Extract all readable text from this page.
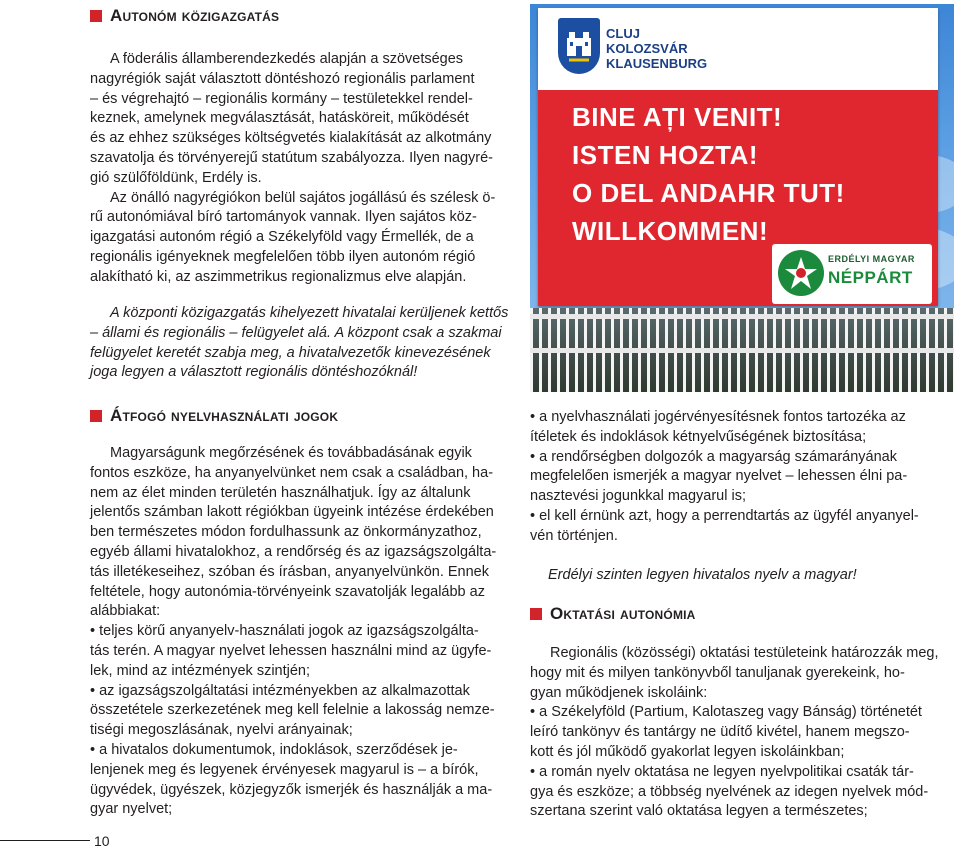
Autonóm közigazgatás

A föderális államberendezkedés alapján a szövetséges

nagyrégiók saját választott döntéshozó regionális parlament

– és végrehajtó – regionális kormány – testületekkel rendel-

keznek, amelynek megválasztását, hatásköreit, működését

és az ehhez szükséges költségvetés kialakítását az alkotmány

szavatolja és törvényerejű statútum szabályozza. Ilyen nagyré-

gió szülőföldünk, Erdély is.

Az önálló nagyrégiókon belül sajátos jogállású és szélesk ö-

rű autonómiával bíró tartományok vannak. Ilyen sajátos köz-

igazgatási autonóm régió a Székelyföld vagy Érmellék, de a

regionális igényeknek megfelelően több ilyen autonóm régió

alakítható ki, az aszimmetrikus regionalizmus elve alapján.

A központi közigazgatás kihelyezett hivatalai kerüljenek kettős

– állami és regionális – felügyelet alá. A központ csak a szakmai

felügyelet keretét szabja meg, a hivatalvezetők kinevezésének

joga legyen a választott regionális döntéshozóknál!

CLUJ
KOLOZSVÁR
KLAUSENBURG
BINE AȚI VENIT!
ISTEN HOZTA!
O DEL ANDAHR TUT!
WILLKOMMEN!
ERDÉLYI MAGYAR
NÉPPÁRT
Átfogó nyelvhasználati jogok

Magyarságunk megőrzésének és továbbadásának egyik

fontos eszköze, ha anyanyelvünket nem csak a családban, ha-

nem az élet minden területén használhatjuk. Így az általunk

jelentős számban lakott régiókban ügyeink intézése érdekében

ben természetes módon fordulhassunk az önkormányzathoz,

egyéb állami hivatalokhoz, a rendőrség és az igazságszolgálta-

tás illetékeseihez, szóban és írásban, anyanyelvünkön. Ennek

feltétele, hogy autonómia-törvényeink szavatolják legalább az

alábbiakat:

• teljes körű anyanyelv-használati jogok az igazságszolgálta-

tás terén. A magyar nyelvet lehessen használni mind az ügyfe-

lek, mind az intézmények szintjén;

• az igazságszolgáltatási intézményekben az alkalmazottak

összetétele szerkezetének meg kell felelnie a lakosság nemze-

tiségi megoszlásának, nyelvi arányainak;

• a hivatalos dokumentumok, indoklások, szerződések je-

lenjenek meg és legyenek érvényesek magyarul is – a bírók,

ügyvédek, ügyészek, közjegyzők ismerjék és használják a ma-

gyar nyelvet;

• a nyelvhasználati jogérvényesítésnek fontos tartozéka az

ítéletek és indoklások kétnyelvűségének biztosítása;

• a rendőrségben dolgozók a magyarság számarányának

megfelelően ismerjék a magyar nyelvet – lehessen élni pa-

nasztevési jogunkkal magyarul is;

• el kell érnünk azt, hogy a perrendtartás az ügyfél anyanyel-

vén történjen.

Erdélyi szinten legyen hivatalos nyelv a magyar!

Oktatási autonómia

Regionális (közösségi) oktatási testületeink határozzák meg,

hogy mit és milyen tankönyvből tanuljanak gyerekeink, ho-

gyan működjenek iskoláink:

• a Székelyföld (Partium, Kalotaszeg vagy Bánság) történetét

leíró tankönyv és tantárgy ne üdítő kivétel, hanem megszo-

kott és jól működő gyakorlat legyen iskoláinkban;

• a román nyelv oktatása ne legyen nyelvpolitikai csaták tár-

gya és eszköze; a többség nyelvének az idegen nyelvek mód-

szertana szerint való oktatása legyen a természetes;

10
